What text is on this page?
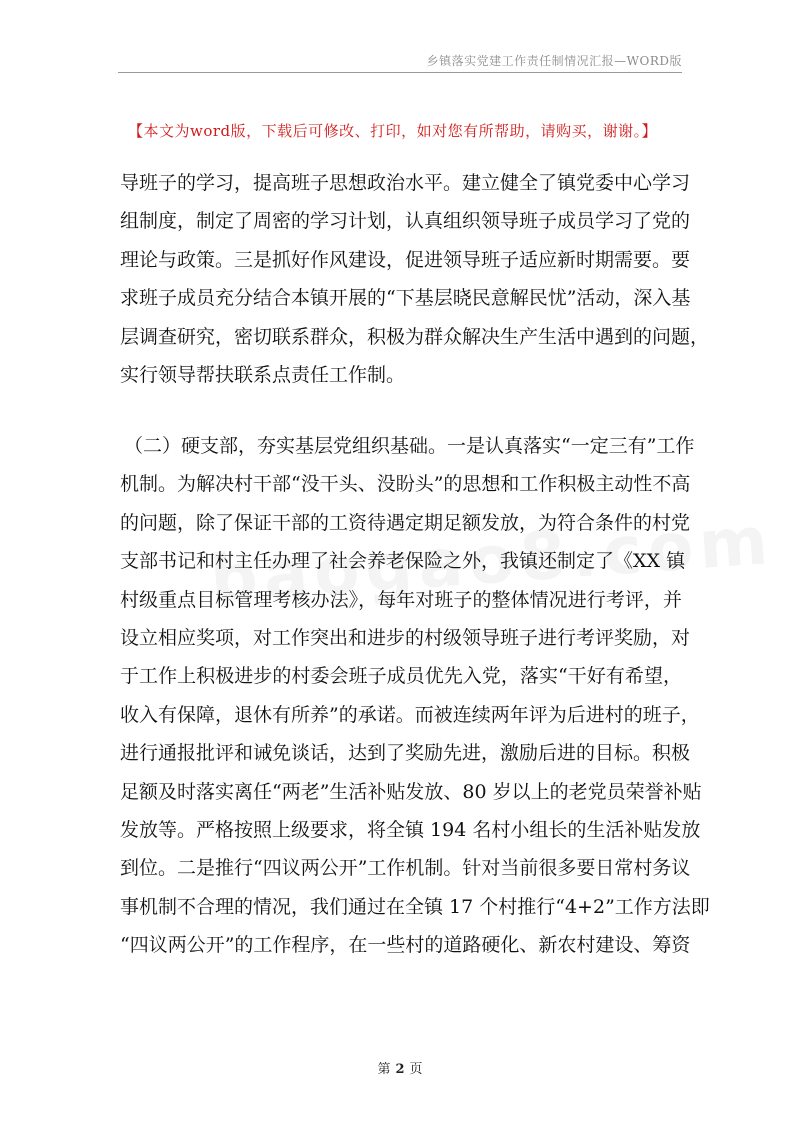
乡镇落实党建工作责任制情况汇报—WORD版
【本文为word版，下载后可修改、打印，如对您有所帮助，请购买，谢谢。】

导班子的学习，提高班子思想政治水平。建立健全了镇党委中心学习
组制度，制定了周密的学习计划，认真组织领导班子成员学习了党的
理论与政策。三是抓好作风建设，促进领导班子适应新时期需要。要
求班子成员充分结合本镇开展的“下基层晓民意解民忧”活动，深入基
层调查研究，密切联系群众，积极为群众解决生产生活中遇到的问题，
实行领导帮扶联系点责任工作制。

（二）硬支部，夯实基层党组织基础。一是认真落实“一定三有”工作
机制。为解决村干部“没干头、没盼头”的思想和工作积极主动性不高
的问题，除了保证干部的工资待遇定期足额发放，为符合条件的村党
支部书记和村主任办理了社会养老保险之外，我镇还制定了《XX 镇
村级重点目标管理考核办法》，每年对班子的整体情况进行考评，并
设立相应奖项，对工作突出和进步的村级领导班子进行考评奖励，对
于工作上积极进步的村委会班子成员优先入党，落实“干好有希望，
收入有保障，退休有所养”的承诺。而被连续两年评为后进村的班子，
进行通报批评和诫免谈话，达到了奖励先进，激励后进的目标。积极
足额及时落实离任“两老”生活补贴发放、80 岁以上的老党员荣誉补贴
发放等。严格按照上级要求，将全镇 194 名村小组长的生活补贴发放
到位。二是推行“四议两公开”工作机制。针对当前很多要日常村务议
事机制不合理的情况，我们通过在全镇 17 个村推行“4+2”工作方法即
“四议两公开”的工作程序，在一些村的道路硬化、新农村建设、筹资

第 2 页
